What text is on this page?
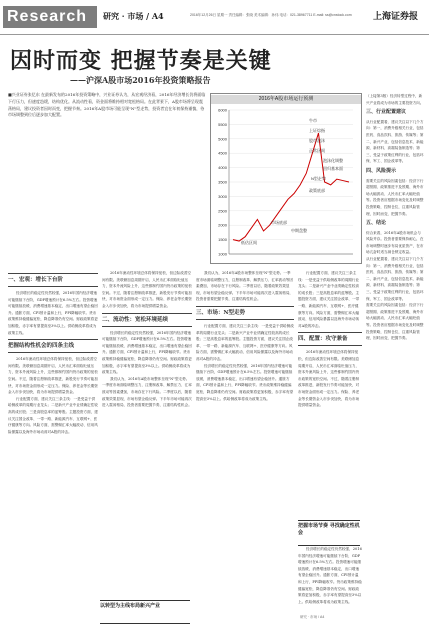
Research	研究 · 市场 / A4	2016年12月26日 星期一 责任编辑：张晓 美术编辑：孙伟 电话：021-38967711 E-mail: ss@cnstock.com 上海证券报
因时而变 把握节奏是关键
——沪深A股市场2016年投资策略报告
■兴业证券张忆东 在最新发布的2016年投资策略中，兴业证券认为，从宏观经济看，2016年经济增长仍将面临下行压力，但速度趋缓，结构优化。从流动性看，资金面将维持相对宽松格局。在此背景下，A股市场将呈现震荡格局，建议投资者因时而变，把握节奏。2016年A股市场可能呈现"N"型走势，投资者宜在年初保持谨慎，待市场调整到位后逐步加大配置。
2016年A股市场运行预测
1000
1500
2000
2500
3000
3500
4000
4500
5000
5500
6000
牛市
上证综指
股市泡沫
正常区间
泡沫化调整
回归基本面
N型走势
政策底部
市场底部
低估区间
中期盘整
一、宏观：增长下台阶

经济增长的稳定性仍然较强，2016年国内经济增速可能继续下台阶，GDP增速预计在6.5%左右。投资增速可能继续放缓，消费增速基本稳定，出口增速有望企稳回升。通胀方面，CPI预计温和上行，PPI降幅收窄。货币政策维持稳健偏宽松，降息降准仍有空间。财政政策将更加积极，赤字率有望提高至3%以上。供给侧改革将成为政策主线。

把握结构性机会的四条主线

2016年流动性环境总体将保持宽松，但边际改善空间有限。美联储加息周期开启，人民币汇率面临贬值压力，资本外流风险上升，这些都制约国内货币政策的宽松空间。不过，随着注册制改革推进，新股发行节奏可能加快，对市场资金面形成一定压力。保险、养老金等长期资金入市步伐加快，将为市场提供增量资金。

行业配置方面，建议关注三条主线：一是受益于供给侧改革的周期行业龙头；二是新兴产业中业绩确定性较高的成长股；三是高股息率的蓝筹股。主题投资方面，建议关注国企改革、一带一路、新能源汽车、互联网+、医疗健康等方向。风险方面，需警惕汇率大幅波动、信用风险暴露以及海外市场动荡对A股的冲击。

2016年流动性环境总体将保持宽松，但边际改善空间有限。美联储加息周期开启，人民币汇率面临贬值压力，资本外流风险上升，这些都制约国内货币政策的宽松空间。不过，随着注册制改革推进，新股发行节奏可能加快，对市场资金面形成一定压力。保险、养老金等长期资金入市步伐加快，将为市场提供增量资金。

二、流动性：宽松环境延续

经济增长的稳定性仍然较强，2016年国内经济增速可能继续下台阶，GDP增速预计在6.5%左右。投资增速可能继续放缓，消费增速基本稳定，出口增速有望企稳回升。通胀方面，CPI预计温和上行，PPI降幅收窄。货币政策维持稳健偏宽松，降息降准仍有空间。财政政策将更加积极，赤字率有望提高至3%以上。供给侧改革将成为政策主线。

我们认为，2016年A股市场整体呈现"N"型走势。一季度市场面临调整压力，注册制改革、解禁压力、汇率波动等因素叠加，市场存在下行风险。二季度以后，随着政策效果显现，市场有望企稳反弹。下半年市场可能再次进入震荡格局，投资者需要把握节奏，注重结构性机会。

以转型为主线布局新兴产业

我们认为，2016年A股市场整体呈现"N"型走势。一季度市场面临调整压力，注册制改革、解禁压力、汇率波动等因素叠加，市场存在下行风险。二季度以后，随着政策效果显现，市场有望企稳反弹。下半年市场可能再次进入震荡格局，投资者需要把握节奏，注重结构性机会。

三、市场：N型走势

行业配置方面，建议关注三条主线：一是受益于供给侧改革的周期行业龙头；二是新兴产业中业绩确定性较高的成长股；三是高股息率的蓝筹股。主题投资方面，建议关注国企改革、一带一路、新能源汽车、互联网+、医疗健康等方向。风险方面，需警惕汇率大幅波动、信用风险暴露以及海外市场动荡对A股的冲击。

经济增长的稳定性仍然较强，2016年国内经济增速可能继续下台阶，GDP增速预计在6.5%左右。投资增速可能继续放缓，消费增速基本稳定，出口增速有望企稳回升。通胀方面，CPI预计温和上行，PPI降幅收窄。货币政策维持稳健偏宽松，降息降准仍有空间。财政政策将更加积极，赤字率有望提高至3%以上。供给侧改革将成为政策主线。

行业配置方面，建议关注三条主线：一是受益于供给侧改革的周期行业龙头；二是新兴产业中业绩确定性较高的成长股；三是高股息率的蓝筹股。主题投资方面，建议关注国企改革、一带一路、新能源汽车、互联网+、医疗健康等方向。风险方面，需警惕汇率大幅波动、信用风险暴露以及海外市场动荡对A股的冲击。

四、配置：攻守兼备

2016年流动性环境总体将保持宽松，但边际改善空间有限。美联储加息周期开启，人民币汇率面临贬值压力，资本外流风险上升，这些都制约国内货币政策的宽松空间。不过，随着注册制改革推进，新股发行节奏可能加快，对市场资金面形成一定压力。保险、养老金等长期资金入市步伐加快，将为市场提供增量资金。

把握市场节奏 寻找确定性机会

经济增长的稳定性仍然较强，2016年国内经济增速可能继续下台阶，GDP增速预计在6.5%左右。投资增速可能继续放缓，消费增速基本稳定，出口增速有望企稳回升。通胀方面，CPI预计温和上行，PPI降幅收窄。货币政策维持稳健偏宽松，降息降准仍有空间。财政政策将更加积极，赤字率有望提高至3%以上。供给侧改革将成为政策主线。

（上接第3版）经济转型过程中，新兴产业将成为市场的主要投资方向。

三、行业配置建议

从行业配置看，建议关注以下几个方向：第一，消费升级相关行业，包括医药、食品饮料、旅游、传媒等；第二，新兴产业，包括信息技术、新能源、新材料、高端装备制造等；第三，受益于政策红利的行业，包括环保、军工、国企改革等。

四、风险提示

需要关注的风险因素包括：经济下行超预期、政策推进不及预期、海外市场大幅波动、人民币汇率大幅贬值等。投资者应根据市场变化及时调整投资策略，控制仓位，注重风险管理，因时而变，把握节奏。

五、结论

综合来看，2016年A股市场机会与风险并存。投资者需要保持耐心，在市场调整时逐步布局优质资产，在市场亢奋时适当减仓锁定收益。

从行业配置看，建议关注以下几个方向：第一，消费升级相关行业，包括医药、食品饮料、旅游、传媒等；第二，新兴产业，包括信息技术、新能源、新材料、高端装备制造等；第三，受益于政策红利的行业，包括环保、军工、国企改革等。

需要关注的风险因素包括：经济下行超预期、政策推进不及预期、海外市场大幅波动、人民币汇率大幅贬值等。投资者应根据市场变化及时调整投资策略，控制仓位，注重风险管理，因时而变，把握节奏。

研究 · 市场 / A4
